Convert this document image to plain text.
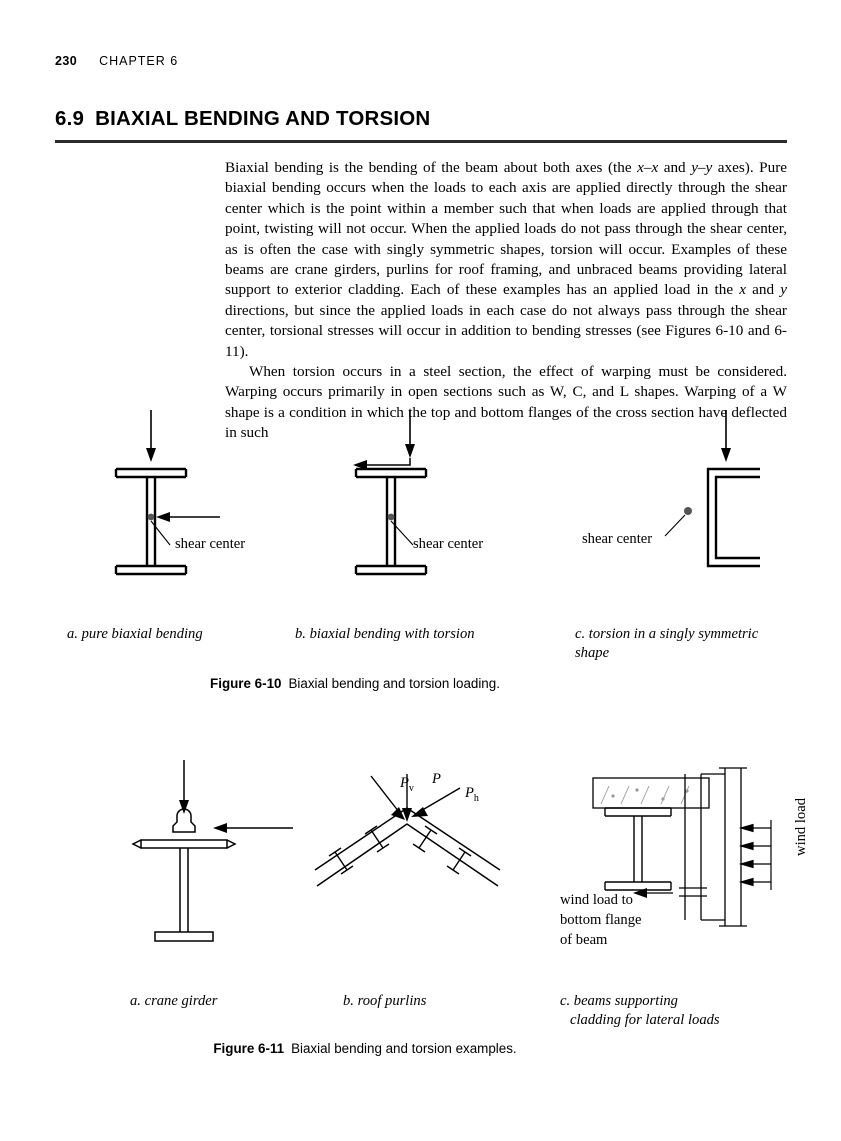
230 CHAPTER 6
6.9 BIAXIAL BENDING AND TORSION

Biaxial bending is the bending of the beam about both axes (the x–x and y–y axes). Pure biaxial bending occurs when the loads to each axis are applied directly through the shear center which is the point within a member such that when loads are applied through that point, twisting will not occur. When the applied loads do not pass through the shear center, as is often the case with singly symmetric shapes, torsion will occur. Examples of these beams are crane girders, purlins for roof framing, and unbraced beams providing lateral support to exterior cladding. Each of these examples has an applied load in the x and y directions, but since the applied loads in each case do not always pass through the shear center, torsional stresses will occur in addition to bending stresses (see Figures 6-10 and 6-11).

When torsion occurs in a steel section, the effect of warping must be considered. Warping occurs primarily in open sections such as W, C, and L shapes. Warping of a W shape is a condition in which the top and bottom flanges of the cross section have deflected in such

shear center	shear center	shear center
a. pure biaxial bending	b. biaxial bending with torsion	c. torsion in a singly symmetric
shape
Figure 6-10 Biaxial bending and torsion loading.
$P_v$
P
$P_h$	wind load
wind load to
bottom flange
of beam
a. crane girder	b. roof purlins	c. beams supporting
cladding for lateral loads
Figure 6-11 Biaxial bending and torsion examples.
